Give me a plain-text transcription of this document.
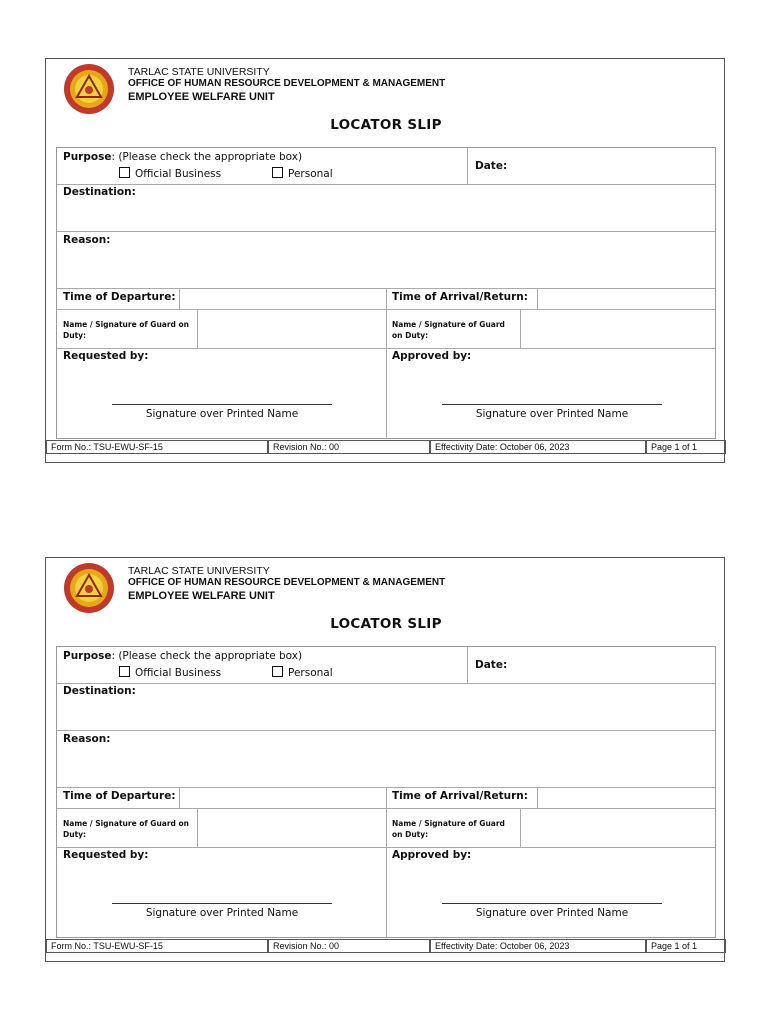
TARLAC STATE UNIVERSITY
OFFICE OF HUMAN RESOURCE DEVELOPMENT & MANAGEMENT
EMPLOYEE WELFARE UNIT
LOCATOR SLIP
Purpose: (Please check the appropriate box)
Official Business	Personal
Date:
Destination:
Reason:
Time of Departure:	Time of Arrival/Return:
Name / Signature of Guard on Duty:
Name / Signature of Guard on Duty:
Requested by:	Approved by:
Signature over Printed Name	Signature over Printed Name
Form No.: TSU-EWU-SF-15	Revision No.: 00	Effectivity Date: October 06, 2023	Page 1 of 1
TARLAC STATE UNIVERSITY
OFFICE OF HUMAN RESOURCE DEVELOPMENT & MANAGEMENT
EMPLOYEE WELFARE UNIT
LOCATOR SLIP
Purpose: (Please check the appropriate box)
Official Business	Personal
Date:
Destination:
Reason:
Time of Departure:	Time of Arrival/Return:
Name / Signature of Guard on Duty:
Name / Signature of Guard on Duty:
Requested by:	Approved by:
Signature over Printed Name	Signature over Printed Name
Form No.: TSU-EWU-SF-15	Revision No.: 00	Effectivity Date: October 06, 2023	Page 1 of 1
